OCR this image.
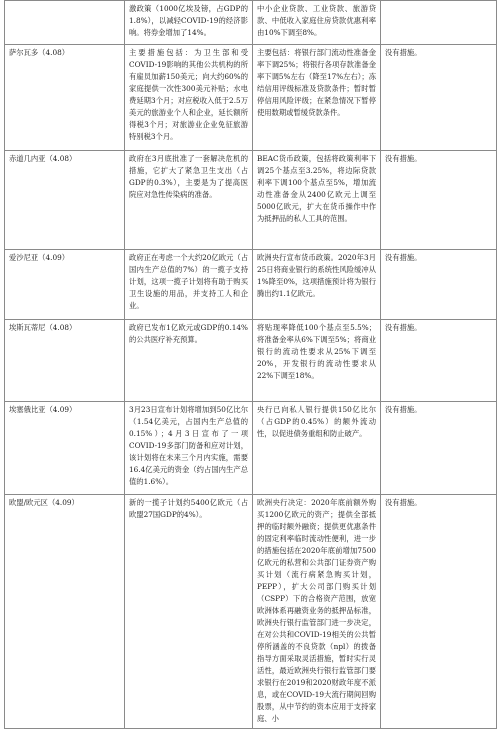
	激政策（1000亿埃及镑，占GDP的1.8%），以减轻COVID-19的经济影响。将券金增加了14%。	中小企业贷款、工业贷款、旅游贷款、中低收入家庭住房贷款优惠利率由10%下调至8%。	
萨尔瓦多（4.08）	主要措施包括：为卫生部和受COVID-19影响的其他公共机构的所有雇员加薪150美元；向大约60%的家庭提供一次性300美元补贴；水电费延期3个月；对应税收入低于2.5万美元的旅游业个人和企业，延长额所得税3个月；对旅游业企业免征旅游特别税3个月。	主要包括：将银行部门流动性准备金率下调25%；将银行各项存款准备金率下调5%左右（降至17%左右）；冻结信用评级标准及贷款条件；暂时暂停信用风险评级；在紧急情况下暂停使用数期或暂缓贷款条件。	没有措施。
赤道几内亚（4.08）	政府在3月底批准了一套解决危机的措施，它扩大了紧急卫生支出（占GDP的0.3%），主要是为了提高医院应对急性传染病的准备。	BEAC货币政策，包括将政策利率下调25个基点至3.25%，将边际贷款利率下调100个基点至5%，增加流动性准备金从2400亿欧元上调至5000亿欧元，扩大在货币操作中作为抵押品的私人工具的范围。	没有措施。
爱沙尼亚（4.09）	政府正在考虑一个大约20亿欧元（占国内生产总值的7%）的一揽子支持计划，这项一揽子计划将有助于购买卫生设施的用品，并支持工人和企业。	欧洲央行宣布货币政策。2020年3月25日将商业银行的系统性风险缓冲从1%降至0%，这项措施预计将为银行腾出约1.1亿欧元。	没有措施。
埃斯瓦蒂尼（4.08）	政府已发布1亿欧元或GDP的0.14%的公共医疗补充预算。	将贴现率降低100个基点至5.5%；将准备金率从6%下调至5%；将商业银行的流动性要求从25%下调至20%，开发银行的流动性要求从22%下调至18%。	没有措施。
埃塞俄比亚（4.09）	3月23日宣布计划将增加到50亿比尔（1.54亿美元，占国内生产总值的0.15%）；4月3日宣布了一项COVID-19多部门防备和应对计划，该计划将在未来三个月内实施，需要16.4亿美元的资金（约占国内生产总值的1.6%）。	央行已向私人银行提供150亿比尔（占GDP的0.45%）的额外流动性，以促进债务重组和防止破产。	没有措施。
欧盟/欧元区（4.09）	新的一揽子计划约5400亿欧元（占欧盟27国GDP的4%）。	欧洲央行决定：2020年底前额外购买1200亿欧元的资产；提供全部抵押的临时额外融资；提供更优惠条件的固定利率临时流动性便利，进一步的措施包括在2020年底前增加7500亿欧元的私营和公共部门证券资产购买计划（流行病紧急购买计划，PEPP），扩大公司部门购买计划（CSPP）下的合格资产范围，放宽欧洲体系再融资业务的抵押品标准，欧洲央行银行监管部门进一步决定，在对公共和COVID-19相关的公共暂停所涵盖的不良贷款（npl）的拨备指导方面采取灵活措施，暂时实行灵活性，最近欧洲央行银行监管部门要求银行在2019和2020财政年度不派息，或在COVID-19大流行期间回购股票，从中节约的资本应用于支持家庭、小	没有措施。
